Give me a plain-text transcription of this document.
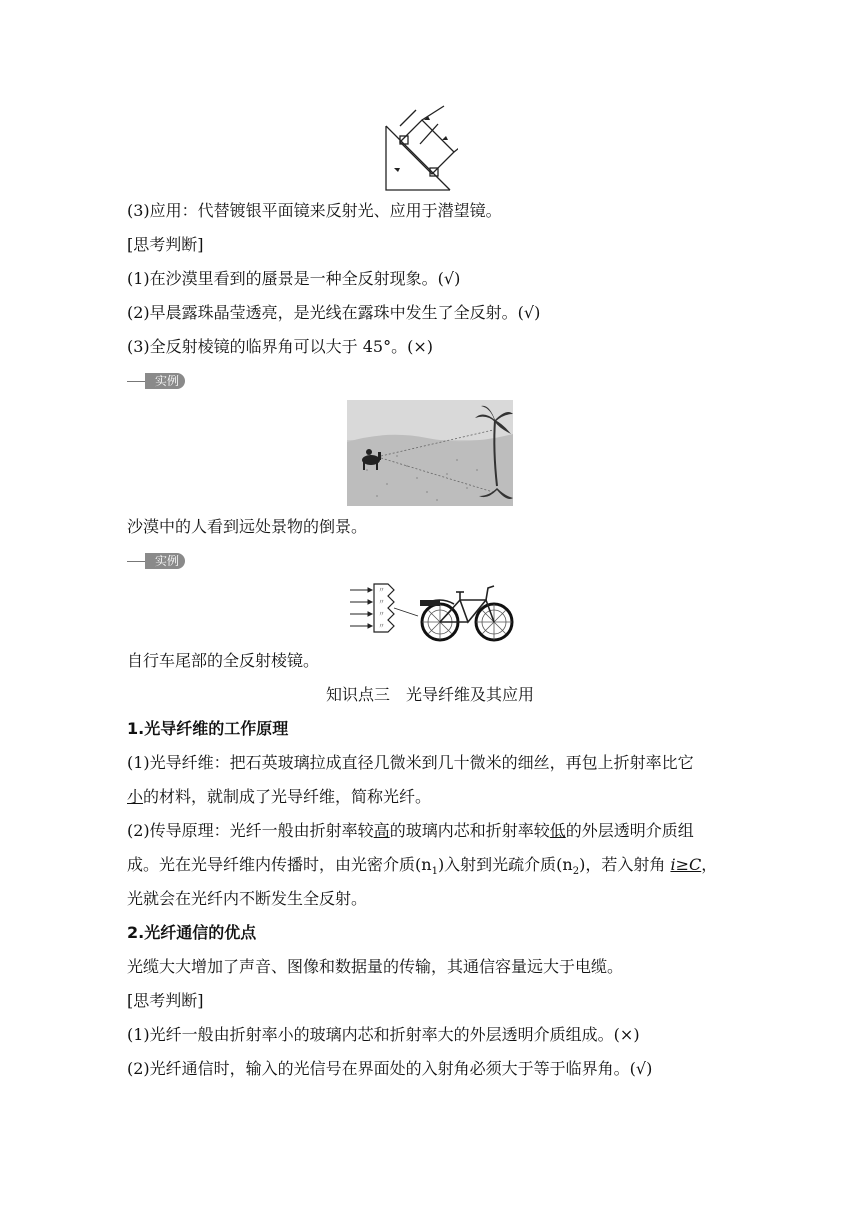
(3)应用：代替镀银平面镜来反射光、应用于潜望镜。
[思考判断]
(1)在沙漠里看到的蜃景是一种全反射现象。(√)
(2)早晨露珠晶莹透亮，是光线在露珠中发生了全反射。(√)
(3)全反射棱镜的临界角可以大于 45°。(×)
实例
沙漠中的人看到远处景物的倒景。
实例
〃
〃
〃
〃
自行车尾部的全反射棱镜。
知识点三　光导纤维及其应用
1.光导纤维的工作原理
(1)光导纤维：把石英玻璃拉成直径几微米到几十微米的细丝，再包上折射率比它
小的材料，就制成了光导纤维，简称光纤。
(2)传导原理：光纤一般由折射率较高的玻璃内芯和折射率较低的外层透明介质组
成。光在光导纤维内传播时，由光密介质$(n_1)$入射到光疏介质$(n_2)$，若入射角 i≥C，
光就会在光纤内不断发生全反射。
2.光纤通信的优点
光缆大大增加了声音、图像和数据量的传输，其通信容量远大于电缆。
[思考判断]
(1)光纤一般由折射率小的玻璃内芯和折射率大的外层透明介质组成。(×)
(2)光纤通信时，输入的光信号在界面处的入射角必须大于等于临界角。(√)
